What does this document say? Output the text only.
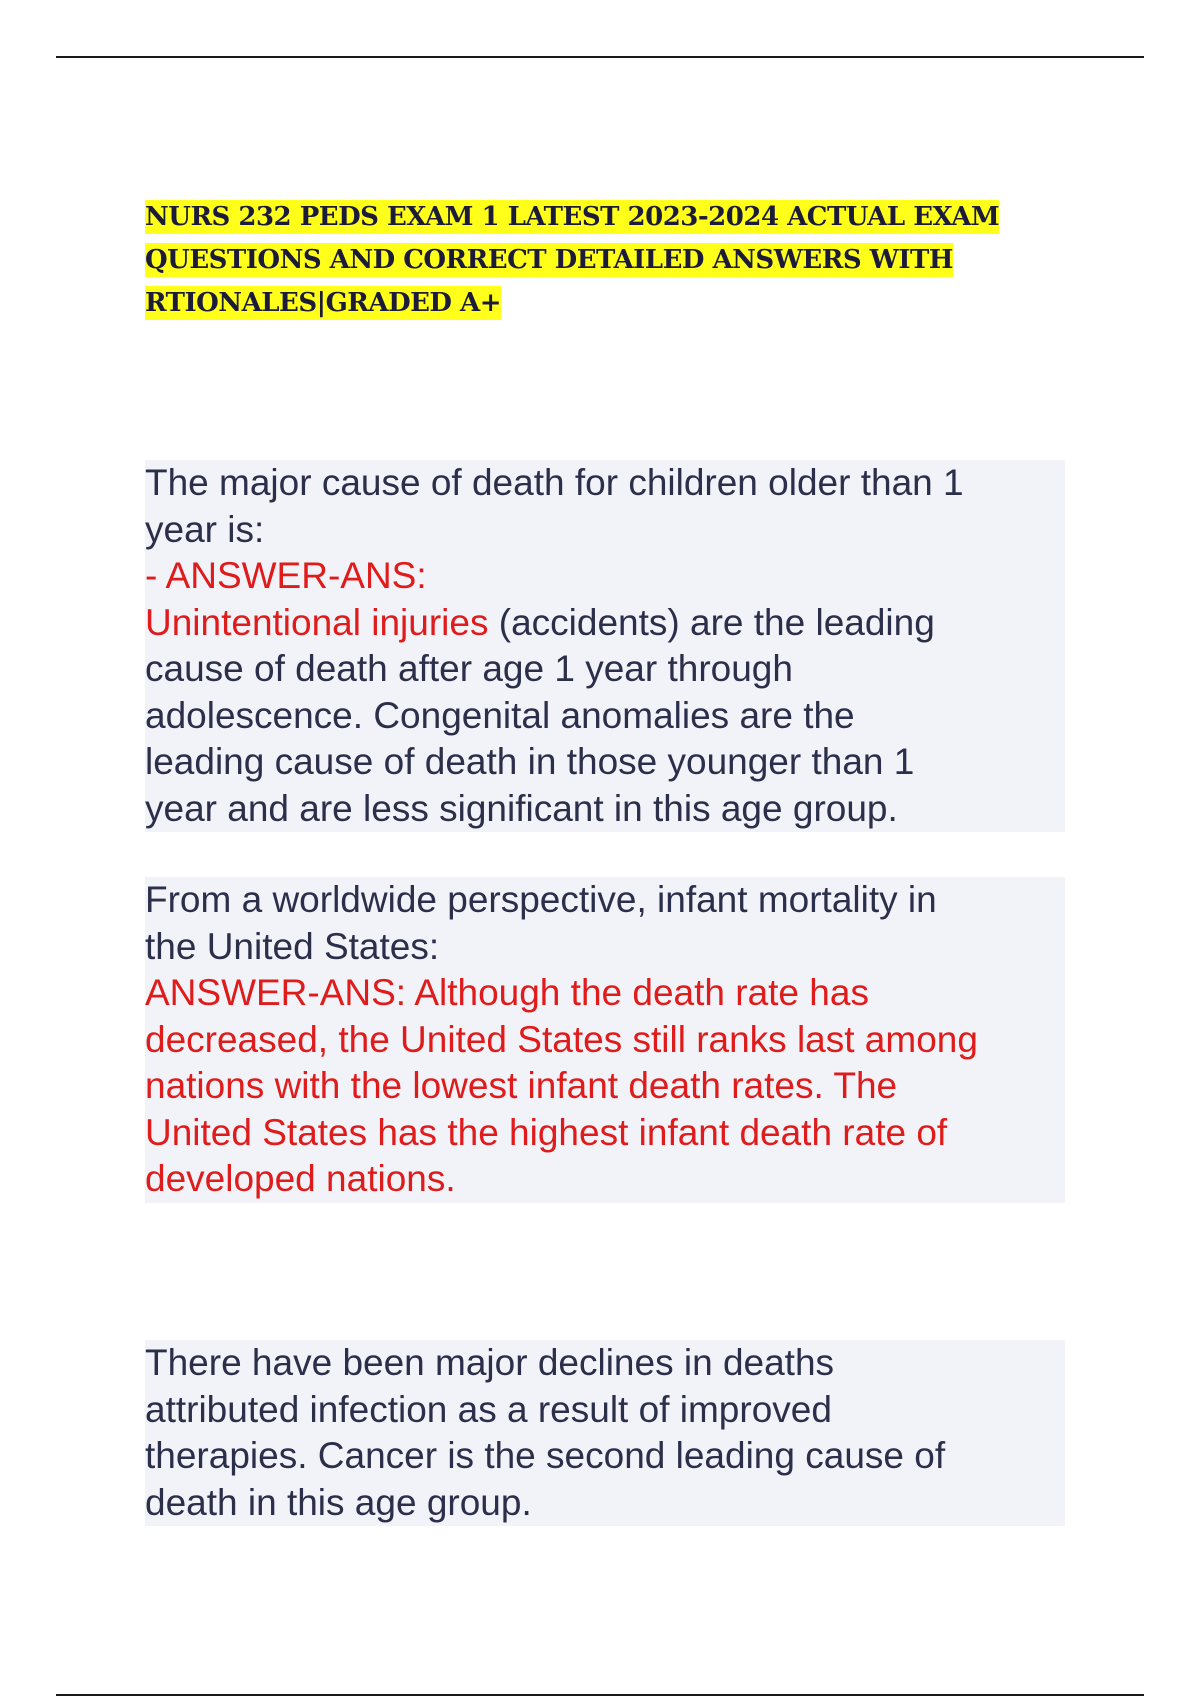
NURS 232 PEDS EXAM 1 LATEST 2023-2024 ACTUAL EXAM
QUESTIONS AND CORRECT DETAILED ANSWERS WITH
RTIONALES|GRADED A+
The major cause of death for children older than 1
year is:
- ANSWER-ANS:
Unintentional injuries (accidents) are the leading
cause of death after age 1 year through
adolescence. Congenital anomalies are the
leading cause of death in those younger than 1
year and are less significant in this age group.
From a worldwide perspective, infant mortality in
the United States:
ANSWER-ANS: Although the death rate has
decreased, the United States still ranks last among
nations with the lowest infant death rates. The
United States has the highest infant death rate of
developed nations.
There have been major declines in deaths
attributed infection as a result of improved
therapies. Cancer is the second leading cause of
death in this age group.
